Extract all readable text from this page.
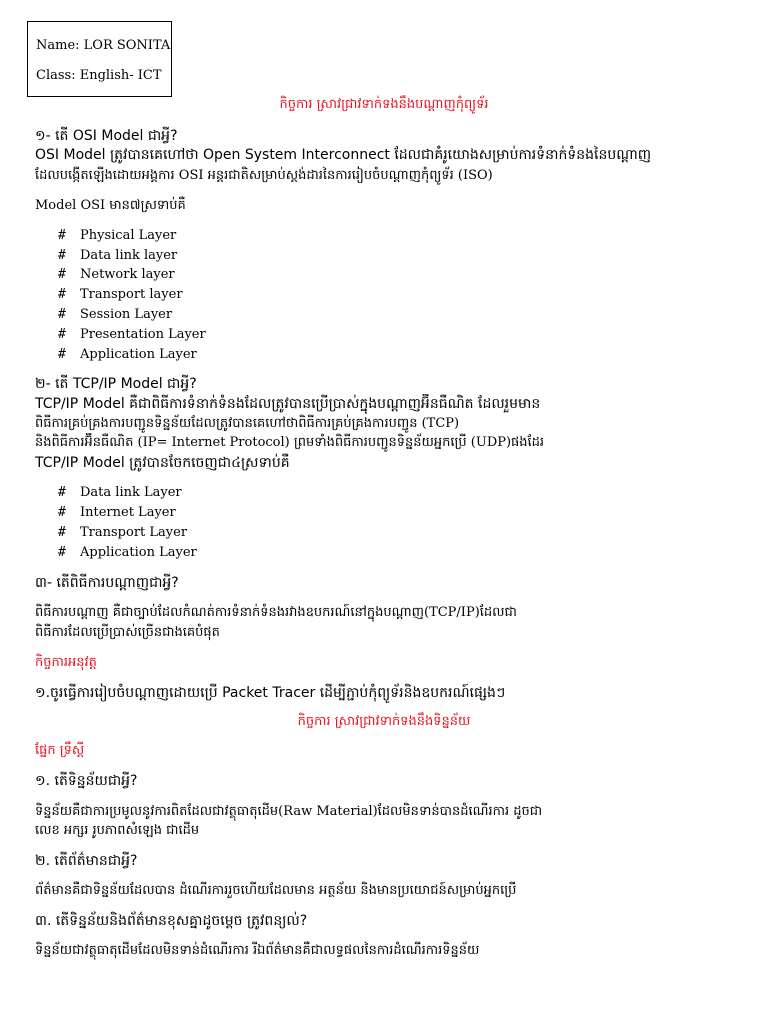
Name: LOR SONITA
Class: English- ICT
កិច្ចការ ស្រាវជ្រាវទាក់ទងនឹងបណ្តាញកុំព្យូទ័រ
១- តើ OSI Model ជាអ្វី?
OSI Model ត្រូវបានគេហៅថា Open System Interconnect ដែលជាគំរូយោងសម្រាប់ការទំនាក់ទំនងនៃបណ្តាញ
ដែលបង្កើតឡើងដោយអង្គការ OSI អន្តរជាតិសម្រាប់ស្តង់ដារនៃការរៀបចំបណ្តាញកុំព្យូទ័រ (ISO)
Model OSI មាន៧ស្រទាប់គឺ
# Physical Layer
# Data link layer
# Network layer
# Transport layer
# Session Layer
# Presentation Layer
# Application Layer
២- តើ TCP/IP Model ជាអ្វី?
TCP/IP Model គឺជាពិធីការទំនាក់ទំនងដែលត្រូវបានប្រើប្រាស់ក្នុងបណ្តាញអ៊ីនធឺណិត ដែលរួមមាន
ពិធីការគ្រប់គ្រងការបញ្ជូនទិន្នន័យដែលត្រូវបានគេហៅថាពិធីការគ្រប់គ្រងការបញ្ជូន (TCP)
និងពិធីការអ៊ីនធឺណិត (IP= Internet Protocol) ព្រមទាំងពិធីការបញ្ជូនទិន្នន័យអ្នកប្រើ (UDP)ផងដែរ
TCP/IP Model ត្រូវបានចែកចេញជា៤ស្រទាប់គឺ
# Data link Layer
# Internet Layer
# Transport Layer
# Application Layer
៣- តើពិធីការបណ្តាញជាអ្វី?
ពិធីការបណ្តាញ គឺជាច្បាប់ដែលកំណត់ការទំនាក់ទំនងរវាងឧបករណ៍នៅក្នុងបណ្តាញ(TCP/IP)ដែលជា
ពិធីការដែលប្រើប្រាស់ច្រើនជាងគេបំផុត
កិច្ចការអនុវត្ត
១.ចូរធ្វើការរៀបចំបណ្តាញដោយប្រើ Packet Tracer ដើម្បីភ្ជាប់កុំព្យូទ័រនិងឧបករណ៍ផ្សេងៗ
កិច្ចការ ស្រាវជ្រាវទាក់ទងនឹងទិន្នន័យ
ផ្នែក ទ្រឹស្តី
១. តើទិន្នន័យជាអ្វី?
ទិន្នន័យគឺជាការប្រមូលនូវការពិតដែលជាវត្ថុធាតុដើម(Raw Material)ដែលមិនទាន់បានដំណើរការ ដូចជា
លេខ អក្សរ រូបភាពសំឡេង ជាដើម
២. តើព័ត៌មានជាអ្វី?
ព័ត៌មានគឺជាទិន្នន័យដែលបាន ដំណើរការរួចហើយដែលមាន អត្ថន័យ និងមានប្រយោជន៍សម្រាប់អ្នកប្រើ
៣. តើទិន្នន័យនិងព័ត៌មានខុសគ្នាដូចម្តេច ត្រូវពន្យល់?
ទិន្នន័យជាវត្ថុធាតុដើមដែលមិនទាន់ដំណើរការ រីឯព័ត៌មានគឺជាលទ្ធផលនៃការដំណើរការទិន្នន័យ
